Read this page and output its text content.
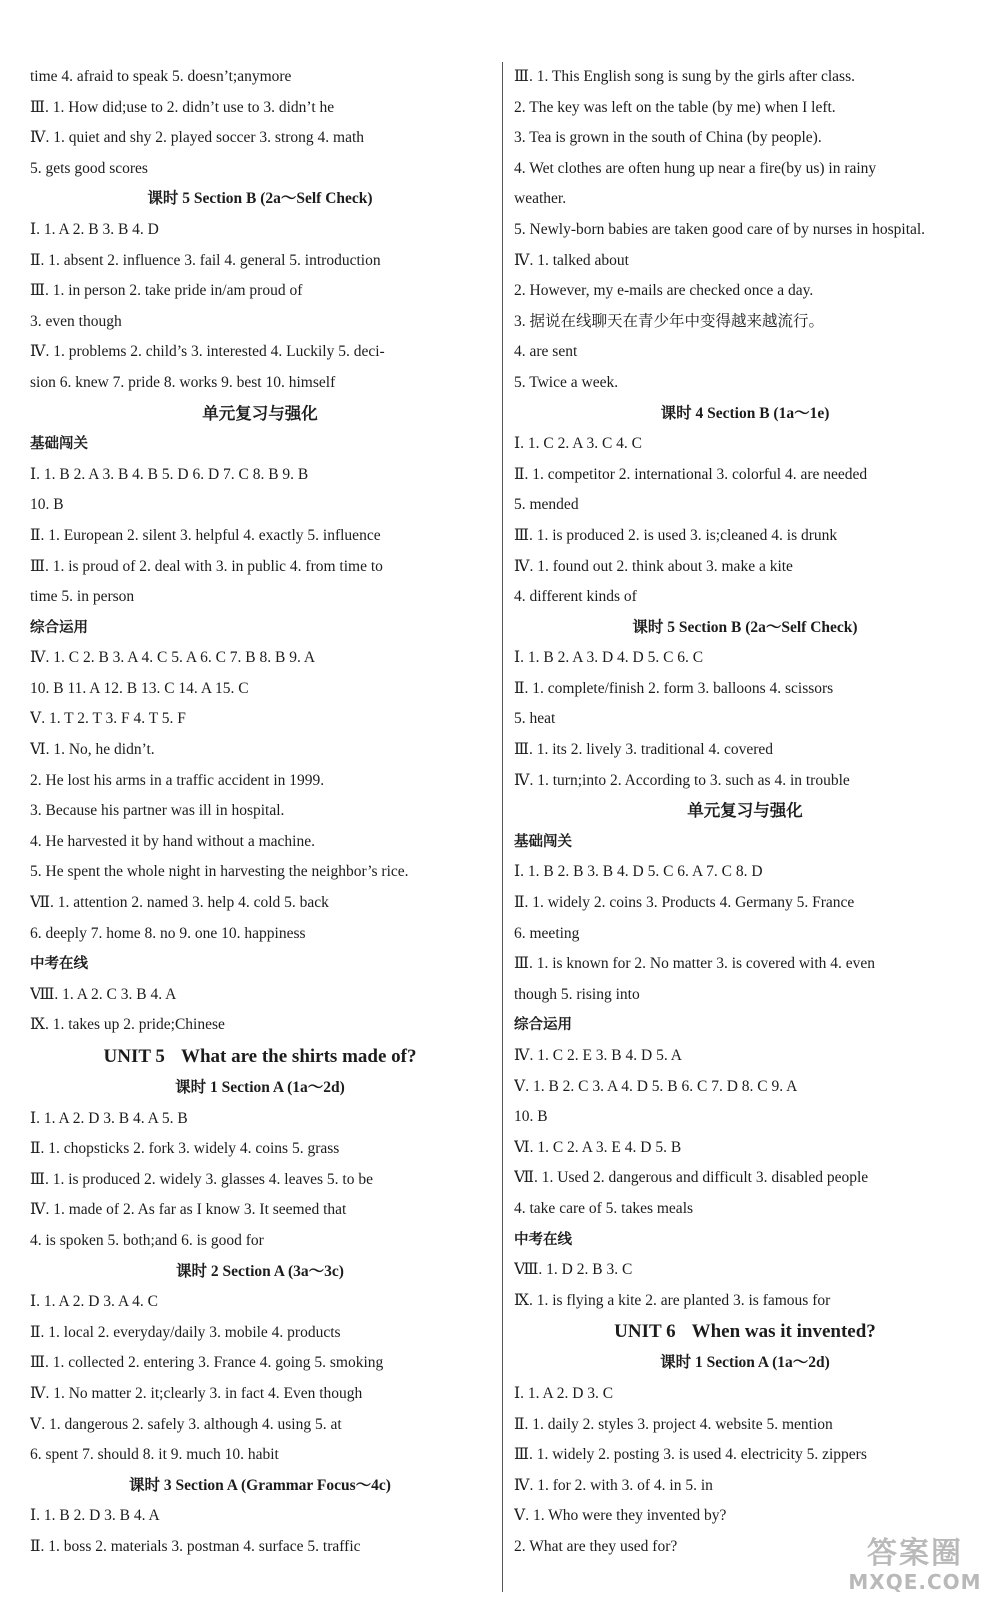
time 4. afraid to speak 5. doesn’t;anymore
Ⅲ. 1. How did;use to 2. didn’t use to 3. didn’t he
Ⅳ. 1. quiet and shy 2. played soccer 3. strong 4. math
5. gets good scores
课时 5 Section B (2a～Self Check)
Ⅰ. 1. A 2. B 3. B 4. D
Ⅱ. 1. absent 2. influence 3. fail 4. general 5. introduction
Ⅲ. 1. in person 2. take pride in/am proud of
3. even though
Ⅳ. 1. problems 2. child’s 3. interested 4. Luckily 5. deci-
sion 6. knew 7. pride 8. works 9. best 10. himself
单元复习与强化
基础闯关
Ⅰ. 1. B 2. A 3. B 4. B 5. D 6. D 7. C 8. B 9. B
10. B
Ⅱ. 1. European 2. silent 3. helpful 4. exactly 5. influence
Ⅲ. 1. is proud of 2. deal with 3. in public 4. from time to
time 5. in person
综合运用
Ⅳ. 1. C 2. B 3. A 4. C 5. A 6. C 7. B 8. B 9. A
10. B 11. A 12. B 13. C 14. A 15. C
Ⅴ. 1. T 2. T 3. F 4. T 5. F
Ⅵ. 1. No, he didn’t.
2. He lost his arms in a traffic accident in 1999.
3. Because his partner was ill in hospital.
4. He harvested it by hand without a machine.
5. He spent the whole night in harvesting the neighbor’s rice.
Ⅶ. 1. attention 2. named 3. help 4. cold 5. back
6. deeply 7. home 8. no 9. one 10. happiness
中考在线
Ⅷ. 1. A 2. C 3. B 4. A
Ⅸ. 1. takes up 2. pride;Chinese
UNIT 5 What are the shirts made of?
课时 1 Section A (1a～2d)
Ⅰ. 1. A 2. D 3. B 4. A 5. B
Ⅱ. 1. chopsticks 2. fork 3. widely 4. coins 5. grass
Ⅲ. 1. is produced 2. widely 3. glasses 4. leaves 5. to be
Ⅳ. 1. made of 2. As far as I know 3. It seemed that
4. is spoken 5. both;and 6. is good for
课时 2 Section A (3a～3c)
Ⅰ. 1. A 2. D 3. A 4. C
Ⅱ. 1. local 2. everyday/daily 3. mobile 4. products
Ⅲ. 1. collected 2. entering 3. France 4. going 5. smoking
Ⅳ. 1. No matter 2. it;clearly 3. in fact 4. Even though
Ⅴ. 1. dangerous 2. safely 3. although 4. using 5. at
6. spent 7. should 8. it 9. much 10. habit
课时 3 Section A (Grammar Focus～4c)
Ⅰ. 1. B 2. D 3. B 4. A
Ⅱ. 1. boss 2. materials 3. postman 4. surface 5. traffic
Ⅲ. 1. This English song is sung by the girls after class.
2. The key was left on the table (by me) when I left.
3. Tea is grown in the south of China (by people).
4. Wet clothes are often hung up near a fire(by us) in rainy
weather.
5. Newly-born babies are taken good care of by nurses in hospital.
Ⅳ. 1. talked about
2. However, my e-mails are checked once a day.
3. 据说在线聊天在青少年中变得越来越流行。
4. are sent
5. Twice a week.
课时 4 Section B (1a～1e)
Ⅰ. 1. C 2. A 3. C 4. C
Ⅱ. 1. competitor 2. international 3. colorful 4. are needed
5. mended
Ⅲ. 1. is produced 2. is used 3. is;cleaned 4. is drunk
Ⅳ. 1. found out 2. think about 3. make a kite
4. different kinds of
课时 5 Section B (2a～Self Check)
Ⅰ. 1. B 2. A 3. D 4. D 5. C 6. C
Ⅱ. 1. complete/finish 2. form 3. balloons 4. scissors
5. heat
Ⅲ. 1. its 2. lively 3. traditional 4. covered
Ⅳ. 1. turn;into 2. According to 3. such as 4. in trouble
单元复习与强化
基础闯关
Ⅰ. 1. B 2. B 3. B 4. D 5. C 6. A 7. C 8. D
Ⅱ. 1. widely 2. coins 3. Products 4. Germany 5. France
6. meeting
Ⅲ. 1. is known for 2. No matter 3. is covered with 4. even
though 5. rising into
综合运用
Ⅳ. 1. C 2. E 3. B 4. D 5. A
Ⅴ. 1. B 2. C 3. A 4. D 5. B 6. C 7. D 8. C 9. A
10. B
Ⅵ. 1. C 2. A 3. E 4. D 5. B
Ⅶ. 1. Used 2. dangerous and difficult 3. disabled people
4. take care of 5. takes meals
中考在线
Ⅷ. 1. D 2. B 3. C
Ⅸ. 1. is flying a kite 2. are planted 3. is famous for
UNIT 6 When was it invented?
课时 1 Section A (1a～2d)
Ⅰ. 1. A 2. D 3. C
Ⅱ. 1. daily 2. styles 3. project 4. website 5. mention
Ⅲ. 1. widely 2. posting 3. is used 4. electricity 5. zippers
Ⅳ. 1. for 2. with 3. of 4. in 5. in
Ⅴ. 1. Who were they invented by?
2. What are they used for?	答案圈
MXQE.COM
